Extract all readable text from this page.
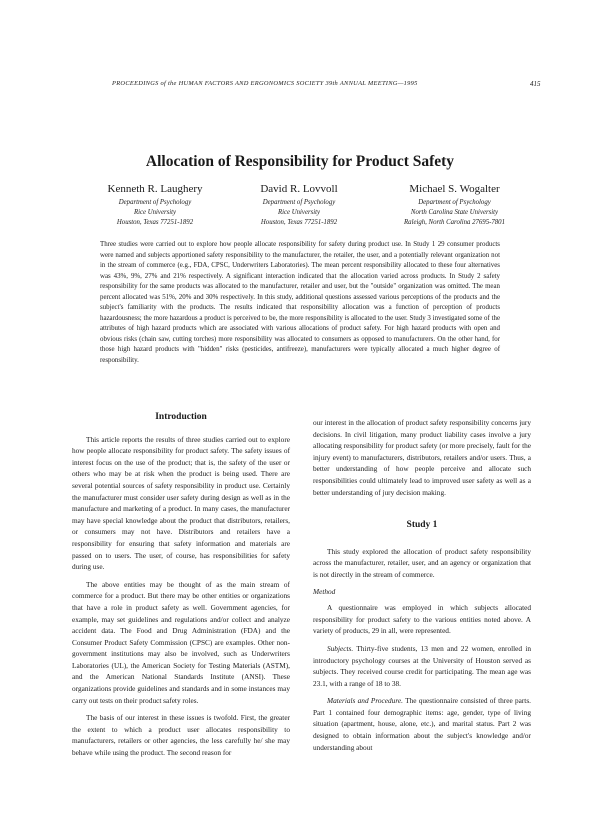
PROCEEDINGS of the HUMAN FACTORS AND ERGONOMICS SOCIETY 39th ANNUAL MEETING—1995	415
Allocation of Responsibility for Product Safety
Kenneth R. Laughery
Department of Psychology
Rice University
Houston, Texas 77251-1892
David R. Lovvoll
Department of Psychology
Rice University
Houston, Texas 77251-1892
Michael S. Wogalter
Department of Psychology
North Carolina State University
Raleigh, North Carolina 27695-7801
Three studies were carried out to explore how people allocate responsibility for safety during product use. In Study 1 29 consumer products were named and subjects apportioned safety responsibility to the manufacturer, the retailer, the user, and a potentially relevant organization not in the stream of commerce (e.g., FDA, CPSC, Underwriters Laboratories). The mean percent responsibility allocated to these four alternatives was 43%, 9%, 27% and 21% respectively. A significant interaction indicated that the allocation varied across products. In Study 2 safety responsibility for the same products was allocated to the manufacturer, retailer and user, but the "outside" organization was omitted. The mean percent allocated was 51%, 20% and 30% respectively. In this study, additional questions assessed various perceptions of the products and the subject's familiarity with the products. The results indicated that responsibility allocation was a function of perception of products hazardousness; the more hazardous a product is perceived to be, the more responsibility is allocated to the user. Study 3 investigated some of the attributes of high hazard products which are associated with various allocations of product safety. For high hazard products with open and obvious risks (chain saw, cutting torches) more responsibility was allocated to consumers as opposed to manufacturers. On the other hand, for those high hazard products with "hidden" risks (pesticides, antifreeze), manufacturers were typically allocated a much higher degree of responsibility.
Introduction

This article reports the results of three studies carried out to explore how people allocate responsibility for product safety. The safety issues of interest focus on the use of the product; that is, the safety of the user or others who may be at risk when the product is being used. There are several potential sources of safety responsibility in product use. Certainly the manufacturer must consider user safety during design as well as in the manufacture and marketing of a product. In many cases, the manufacturer may have special knowledge about the product that distributors, retailers, or consumers may not have. Distributors and retailers have a responsibility for ensuring that safety information and materials are passed on to users. The user, of course, has responsibilities for safety during use.

The above entities may be thought of as the main stream of commerce for a product. But there may be other entities or organizations that have a role in product safety as well. Government agencies, for example, may set guidelines and regulations and/or collect and analyze accident data. The Food and Drug Administration (FDA) and the Consumer Product Safety Commission (CPSC) are examples. Other non-government institutions may also be involved, such as Underwriters Laboratories (UL), the American Society for Testing Materials (ASTM), and the American National Standards Institute (ANSI). These organizations provide guidelines and standards and in some instances may carry out tests on their product safety roles.

The basis of our interest in these issues is twofold. First, the greater the extent to which a product user allocates responsibility to manufacturers, retailers or other agencies, the less carefully he/ she may behave while using the product. The second reason for

our interest in the allocation of product safety responsibility concerns jury decisions. In civil litigation, many product liability cases involve a jury allocating responsibility for product safety (or more precisely, fault for the injury event) to manufacturers, distributors, retailers and/or users. Thus, a better understanding of how people perceive and allocate such responsibilities could ultimately lead to improved user safety as well as a better understanding of jury decision making.

Study 1

This study explored the allocation of product safety responsibility across the manufacturer, retailer, user, and an agency or organization that is not directly in the stream of commerce.

Method

A questionnaire was employed in which subjects allocated responsibility for product safety to the various entities noted above. A variety of products, 29 in all, were represented.

Subjects. Thirty-five students, 13 men and 22 women, enrolled in introductory psychology courses at the University of Houston served as subjects. They received course credit for participating. The mean age was 23.1, with a range of 18 to 38.

Materials and Procedure. The questionnaire consisted of three parts. Part 1 contained four demographic items: age, gender, type of living situation (apartment, house, alone, etc.), and marital status. Part 2 was designed to obtain information about the subject's knowledge and/or understanding about
